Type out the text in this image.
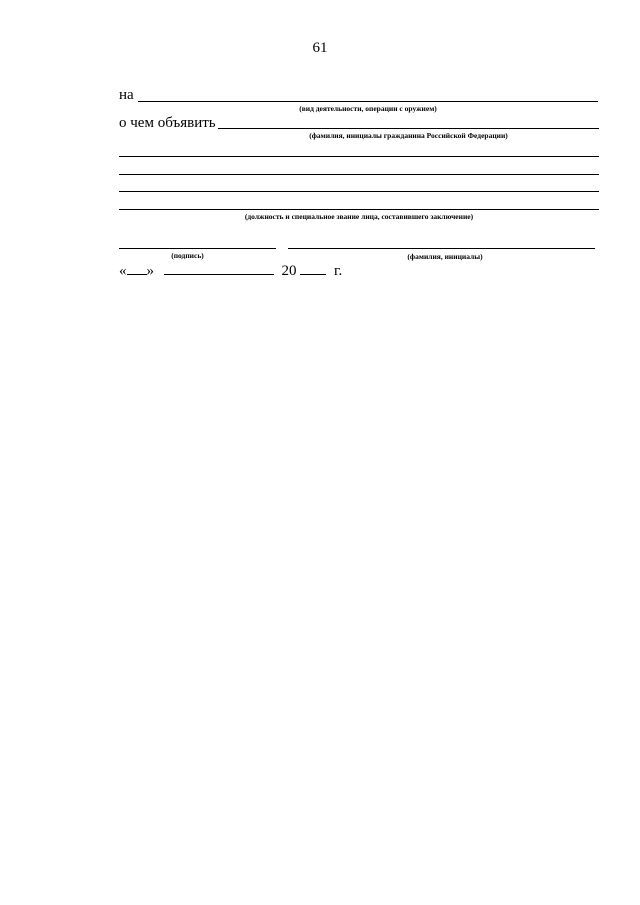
61
на
(вид деятельности, операции с оружием)
о чем объявить
(фамилия, инициалы гражданина Российской Федерации)
(должность и специальное звание лица, составившего заключение)
(подпись)	(фамилия, инициалы)
« »	20	г.
